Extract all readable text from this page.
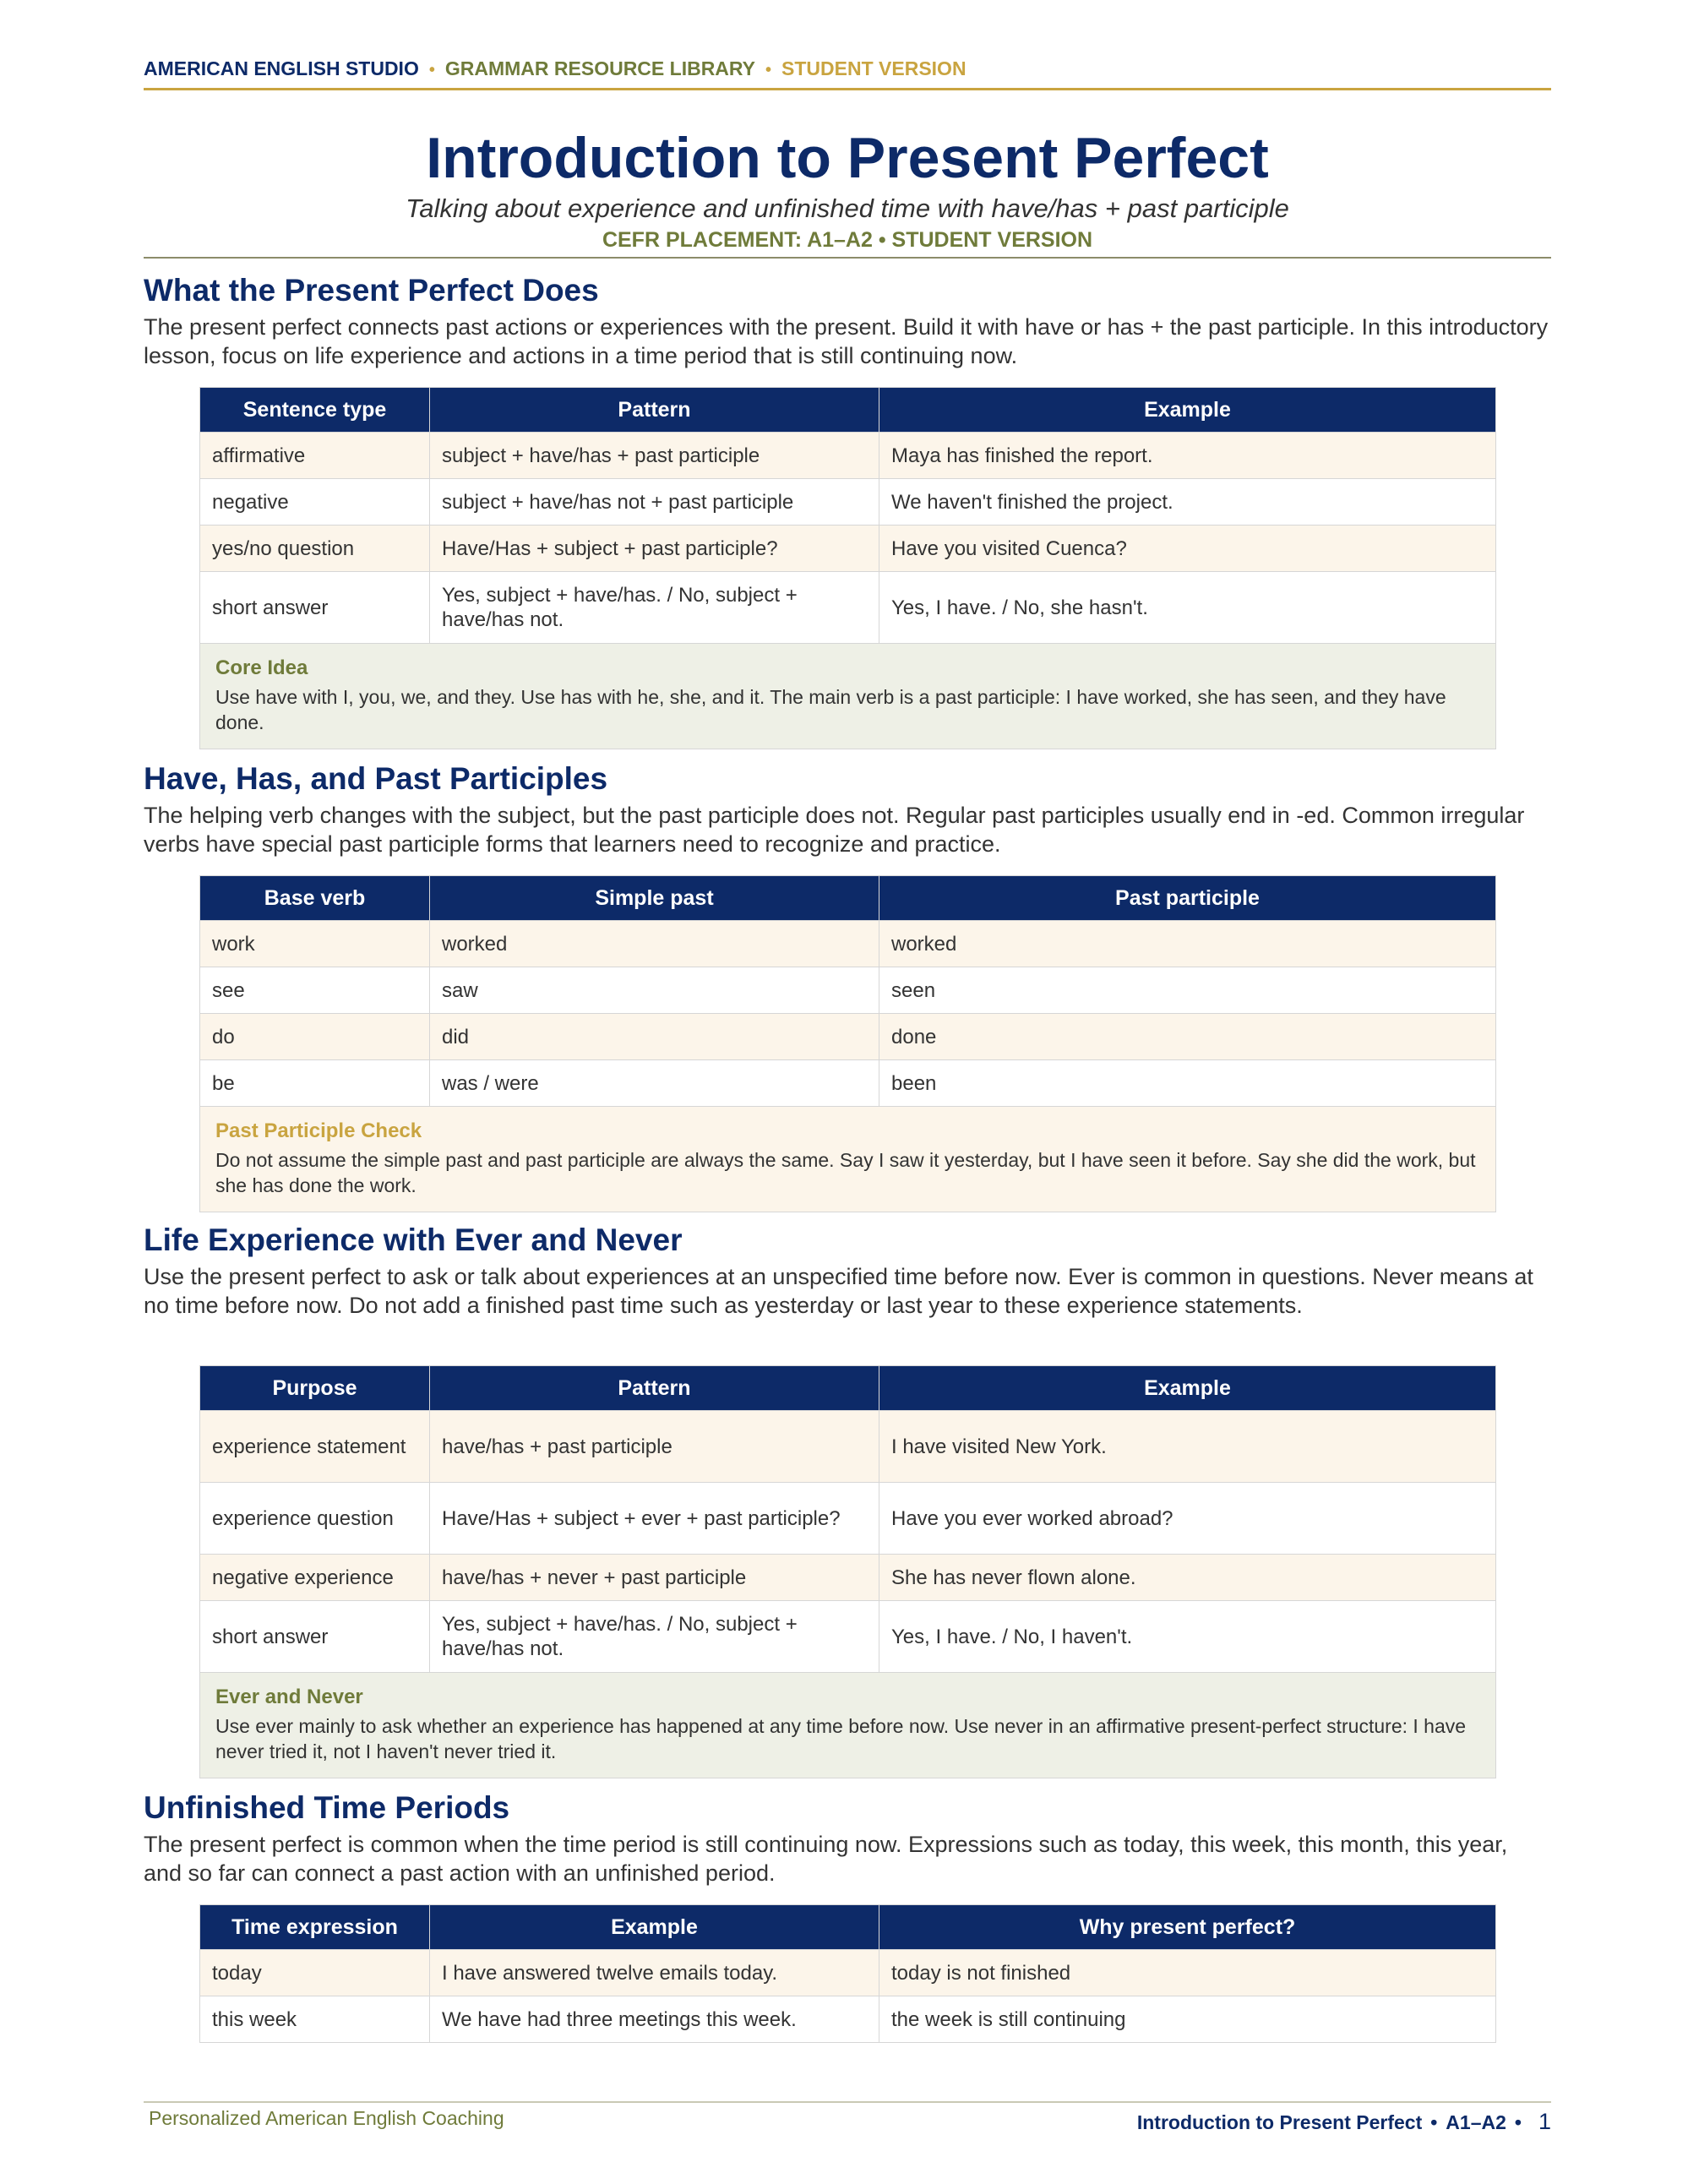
AMERICAN ENGLISH STUDIO • GRAMMAR RESOURCE LIBRARY • STUDENT VERSION
Introduction to Present Perfect
Talking about experience and unfinished time with have/has + past participle
CEFR PLACEMENT: A1–A2 • STUDENT VERSION
What the Present Perfect Does

The present perfect connects past actions or experiences with the present. Build it with have or has + the past participle. In this introductory lesson, focus on life experience and actions in a time period that is still continuing now.

Sentence type	Pattern	Example
affirmative	subject + have/has + past participle	Maya has finished the report.
negative	subject + have/has not + past participle	We haven't finished the project.
yes/no question	Have/Has + subject + past participle?	Have you visited Cuenca?
short answer	Yes, subject + have/has. / No, subject + have/has not.	Yes, I have. / No, she hasn't.

Core Idea
Use have with I, you, we, and they. Use has with he, she, and it. The main verb is a past participle: I have worked, she has seen, and they have done.		
Have, Has, and Past Participles

The helping verb changes with the subject, but the past participle does not. Regular past participles usually end in -ed. Common irregular verbs have special past participle forms that learners need to recognize and practice.

Base verb	Simple past	Past participle
work	worked	worked
see	saw	seen
do	did	done
be	was / were	been

Past Participle Check
Do not assume the simple past and past participle are always the same. Say I saw it yesterday, but I have seen it before. Say she did the work, but she has done the work.		
Life Experience with Ever and Never

Use the present perfect to ask or talk about experiences at an unspecified time before now. Ever is common in questions. Never means at no time before now. Do not add a finished past time such as yesterday or last year to these experience statements.

Purpose	Pattern	Example
experience statement	have/has + past participle	I have visited New York.
experience question	Have/Has + subject + ever + past participle?	Have you ever worked abroad?
negative experience	have/has + never + past participle	She has never flown alone.
short answer	Yes, subject + have/has. / No, subject + have/has not.	Yes, I have. / No, I haven't.

Ever and Never
Use ever mainly to ask whether an experience has happened at any time before now. Use never in an affirmative present-perfect structure: I have never tried it, not I haven't never tried it.		
Unfinished Time Periods

The present perfect is common when the time period is still continuing now. Expressions such as today, this week, this month, this year, and so far can connect a past action with an unfinished period.

Time expression	Example	Why present perfect?
today	I have answered twelve emails today.	today is not finished
this week	We have had three meetings this week.	the week is still continuing
Personalized American English Coaching	Introduction to Present Perfect • A1–A2 • 1
